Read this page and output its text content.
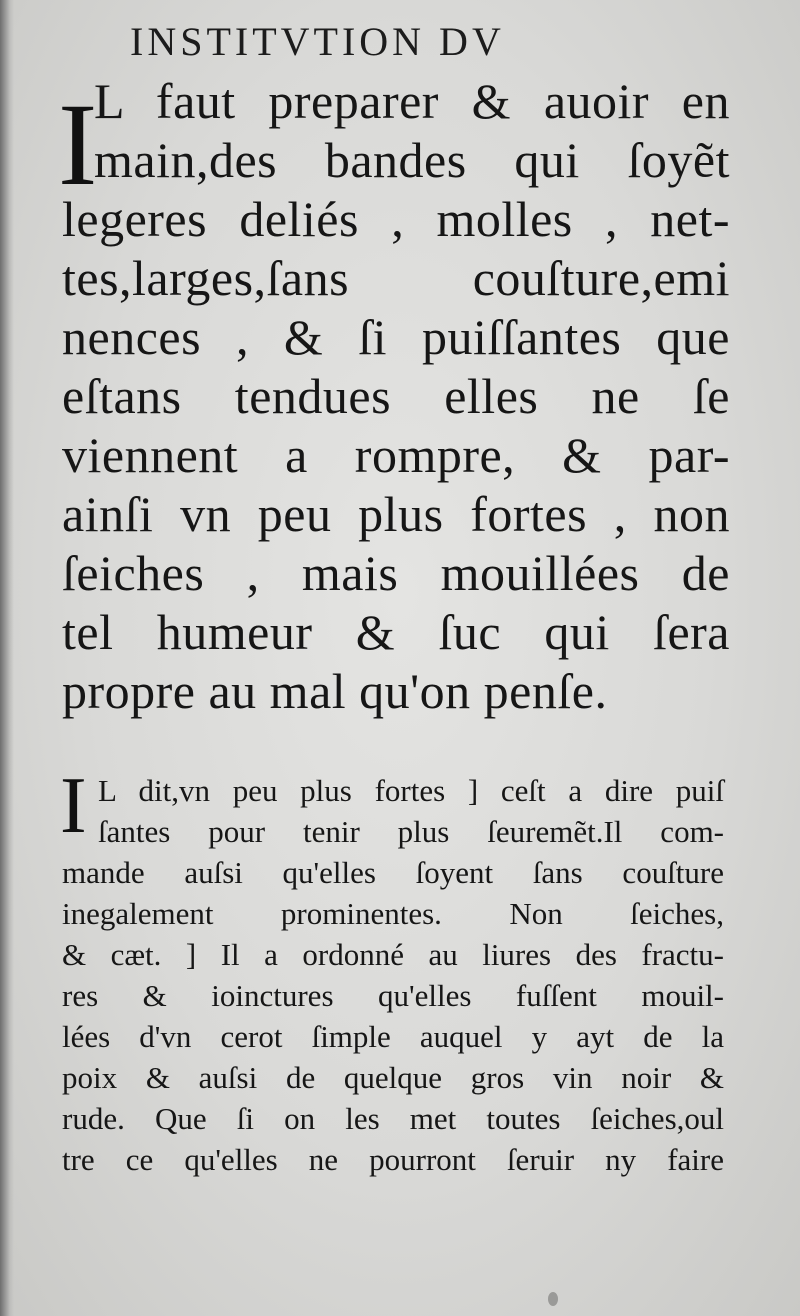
INSTITVTION DV
I
L faut preparer & auoir en
main,des bandes qui ſoyẽt
legeres deliés , molles , net-
tes,larges,ſans couſture,emi
nences , & ſi puiſſantes que
eſtans tendues elles ne ſe
viennent a rompre, & par-
ainſi vn peu plus fortes , non
ſeiches , mais mouillées de
tel humeur & ſuc qui ſera
propre au mal qu'on penſe.
I L dit,vn peu plus fortes ] ceſt a dire puiſ
ſantes pour tenir plus ſeuremẽt.Il com-
mande auſsi qu'elles ſoyent ſans couſture
inegalement prominentes. Non ſeiches,
& cæt. ] Il a ordonné au liures des fractu-
res & ioinctures qu'elles fuſſent mouil-
lées d'vn cerot ſimple auquel y ayt de la
poix & auſsi de quelque gros vin noir &
rude. Que ſi on les met toutes ſeiches,oul
tre ce qu'elles ne pourront ſeruir ny faire
